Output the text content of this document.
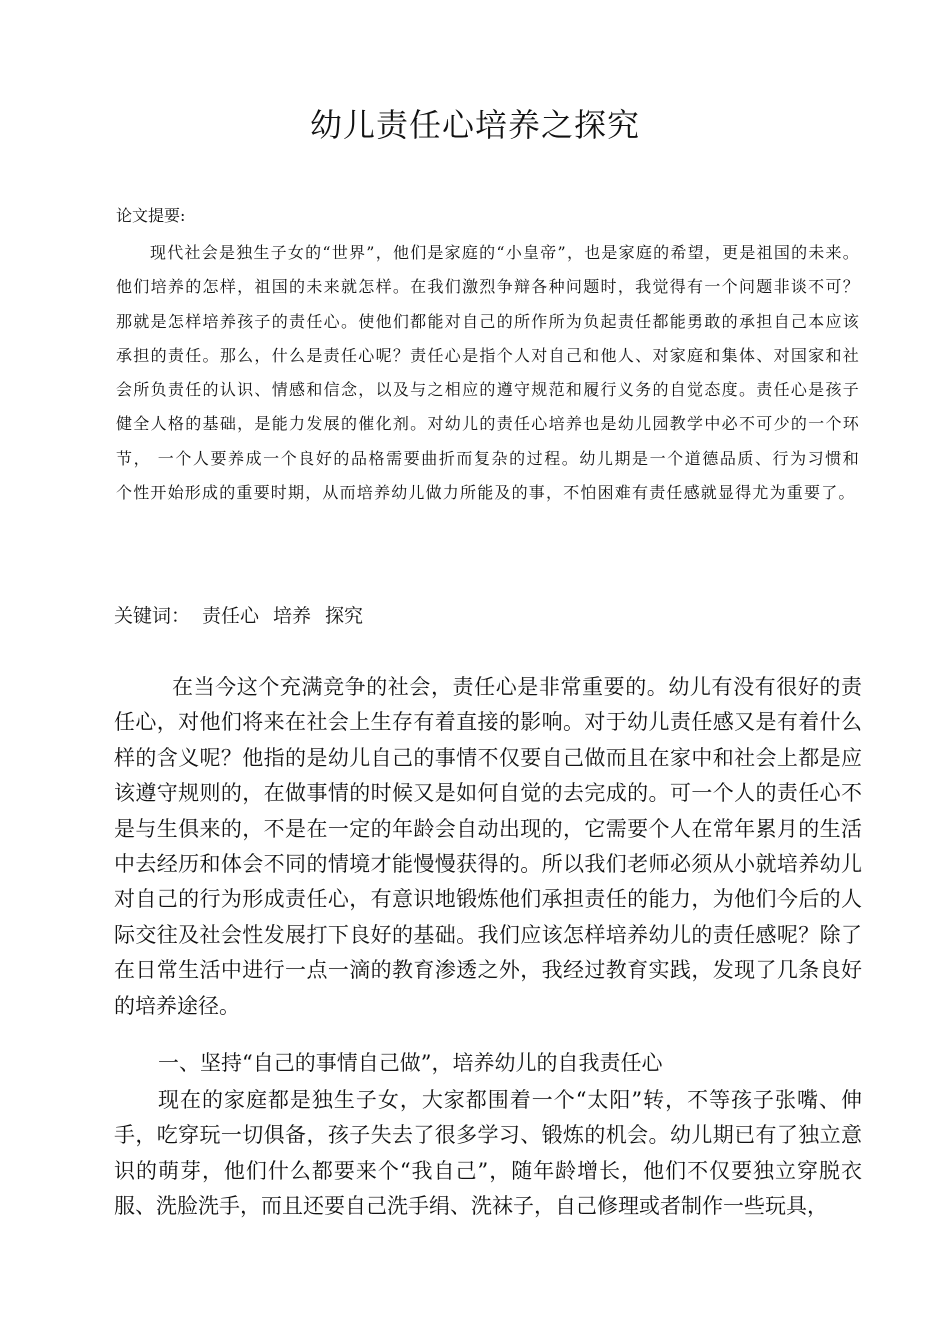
幼儿责任心培养之探究

论文提要:

现代社会是独生子女的“世界”，他们是家庭的“小皇帝”，也是家庭的希望，更是祖国的未来。他们培养的怎样，祖国的未来就怎样。在我们激烈争辩各种问题时，我觉得有一个问题非谈不可？那就是怎样培养孩子的责任心。使他们都能对自己的所作所为负起责任都能勇敢的承担自己本应该承担的责任。那么，什么是责任心呢？责任心是指个人对自己和他人、对家庭和集体、对国家和社会所负责任的认识、情感和信念，以及与之相应的遵守规范和履行义务的自觉态度。责任心是孩子健全人格的基础，是能力发展的催化剂。对幼儿的责任心培养也是幼儿园教学中必不可少的一个环节， 一个人要养成一个良好的品格需要曲折而复杂的过程。幼儿期是一个道德品质、行为习惯和个性开始形成的重要时期，从而培养幼儿做力所能及的事，不怕困难有责任感就显得尤为重要了。

关键词： 责任心 培养 探究

在当今这个充满竞争的社会，责任心是非常重要的。幼儿有没有很好的责任心，对他们将来在社会上生存有着直接的影响。对于幼儿责任感又是有着什么样的含义呢？他指的是幼儿自己的事情不仅要自己做而且在家中和社会上都是应该遵守规则的，在做事情的时候又是如何自觉的去完成的。可一个人的责任心不是与生俱来的，不是在一定的年龄会自动出现的，它需要个人在常年累月的生活中去经历和体会不同的情境才能慢慢获得的。所以我们老师必须从小就培养幼儿对自己的行为形成责任心，有意识地锻炼他们承担责任的能力，为他们今后的人际交往及社会性发展打下良好的基础。我们应该怎样培养幼儿的责任感呢？除了在日常生活中进行一点一滴的教育渗透之外，我经过教育实践，发现了几条良好的培养途径。

一、坚持“自己的事情自己做”，培养幼儿的自我责任心

现在的家庭都是独生子女，大家都围着一个“太阳”转，不等孩子张嘴、伸手，吃穿玩一切俱备，孩子失去了很多学习、锻炼的机会。幼儿期已有了独立意识的萌芽，他们什么都要来个“我自己”，随年龄增长，他们不仅要独立穿脱衣服、洗脸洗手，而且还要自己洗手绢、洗袜子，自己修理或者制作一些玩具，
